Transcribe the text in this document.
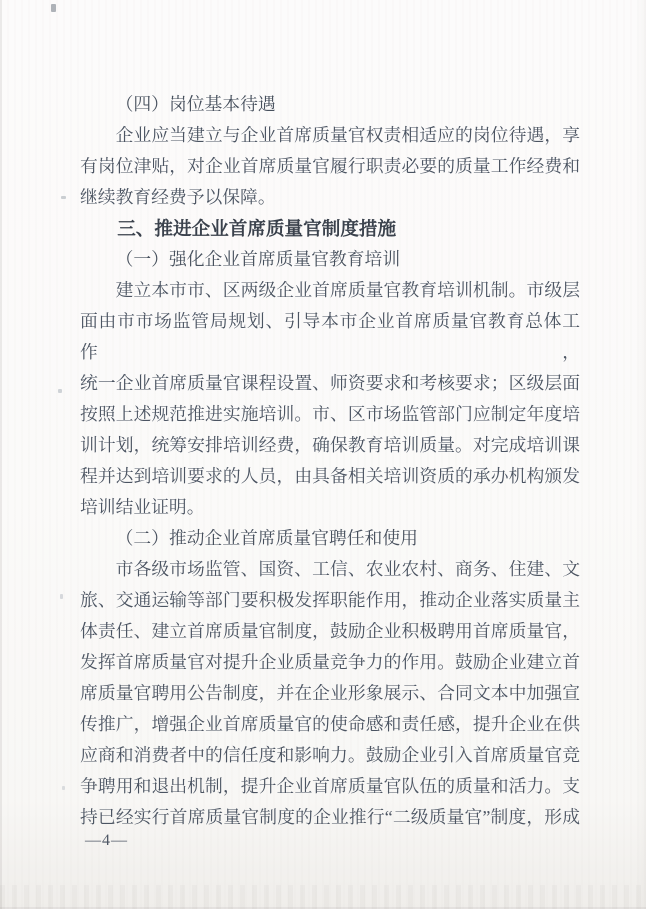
（四）岗位基本待遇

企业应当建立与企业首席质量官权责相适应的岗位待遇，享

有岗位津贴，对企业首席质量官履行职责必要的质量工作经费和

继续教育经费予以保障。

三、推进企业首席质量官制度措施

（一）强化企业首席质量官教育培训

建立本市市、区两级企业首席质量官教育培训机制。市级层

面由市市场监管局规划、引导本市企业首席质量官教育总体工作，

统一企业首席质量官课程设置、师资要求和考核要求；区级层面

按照上述规范推进实施培训。市、区市场监管部门应制定年度培

训计划，统筹安排培训经费，确保教育培训质量。对完成培训课

程并达到培训要求的人员，由具备相关培训资质的承办机构颁发

培训结业证明。

（二）推动企业首席质量官聘任和使用

市各级市场监管、国资、工信、农业农村、商务、住建、文

旅、交通运输等部门要积极发挥职能作用，推动企业落实质量主

体责任、建立首席质量官制度，鼓励企业积极聘用首席质量官，

发挥首席质量官对提升企业质量竞争力的作用。鼓励企业建立首

席质量官聘用公告制度，并在企业形象展示、合同文本中加强宣

传推广，增强企业首席质量官的使命感和责任感，提升企业在供

应商和消费者中的信任度和影响力。鼓励企业引入首席质量官竞

争聘用和退出机制，提升企业首席质量官队伍的质量和活力。支

持已经实行首席质量官制度的企业推行“二级质量官”制度，形成

—4—
